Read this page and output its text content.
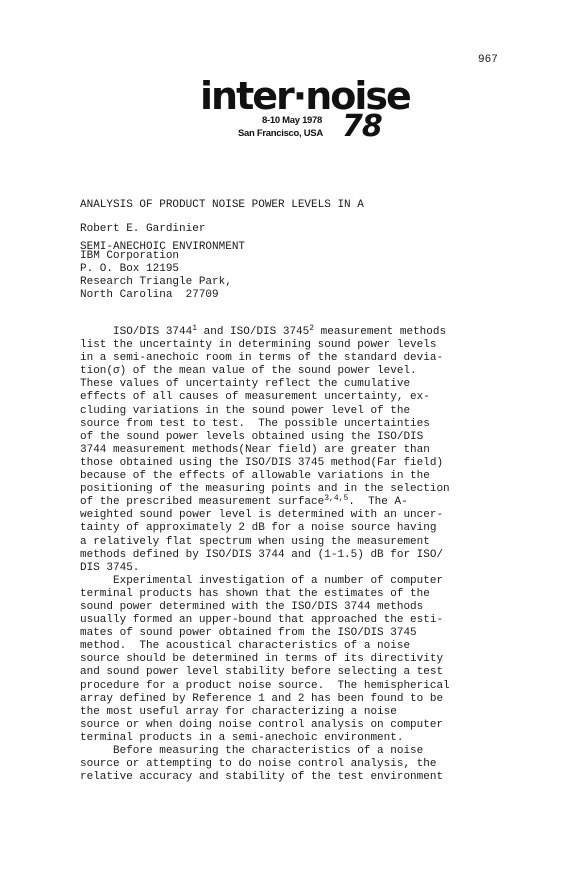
967
inter·noise
8-10 May 1978
San Francisco, USA 78

ANALYSIS OF PRODUCT NOISE POWER LEVELS IN A

SEMI-ANECHOIC ENVIRONMENT

Robert E. Gardinier
IBM Corporation
P. O. Box 12195
Research Triangle Park,
North Carolina  27709
ISO/DIS 3744$^1$ and ISO/DIS 3745$^2$ measurement methods
list the uncertainty in determining sound power levels
in a semi-anechoic room in terms of the standard devia-
tion(σ) of the mean value of the sound power level.
These values of uncertainty reflect the cumulative
effects of all causes of measurement uncertainty, ex-
cluding variations in the sound power level of the
source from test to test.  The possible uncertainties
of the sound power levels obtained using the ISO/DIS
3744 measurement methods(Near field) are greater than
those obtained using the ISO/DIS 3745 method(Far field)
because of the effects of allowable variations in the
positioning of the measuring points and in the selection
of the prescribed measurement surface$^{3,4,5}$.  The A-
weighted sound power level is determined with an uncer-
tainty of approximately 2 dB for a noise source having
a relatively flat spectrum when using the measurement
methods defined by ISO/DIS 3744 and (1-1.5) dB for ISO/
DIS 3745.
Experimental investigation of a number of computer
terminal products has shown that the estimates of the
sound power determined with the ISO/DIS 3744 methods
usually formed an upper-bound that approached the esti-
mates of sound power obtained from the ISO/DIS 3745
method.  The acoustical characteristics of a noise
source should be determined in terms of its directivity
and sound power level stability before selecting a test
procedure for a product noise source.  The hemispherical
array defined by Reference 1 and 2 has been found to be
the most useful array for characterizing a noise
source or when doing noise control analysis on computer
terminal products in a semi-anechoic environment.
Before measuring the characteristics of a noise
source or attempting to do noise control analysis, the
relative accuracy and stability of the test environment
